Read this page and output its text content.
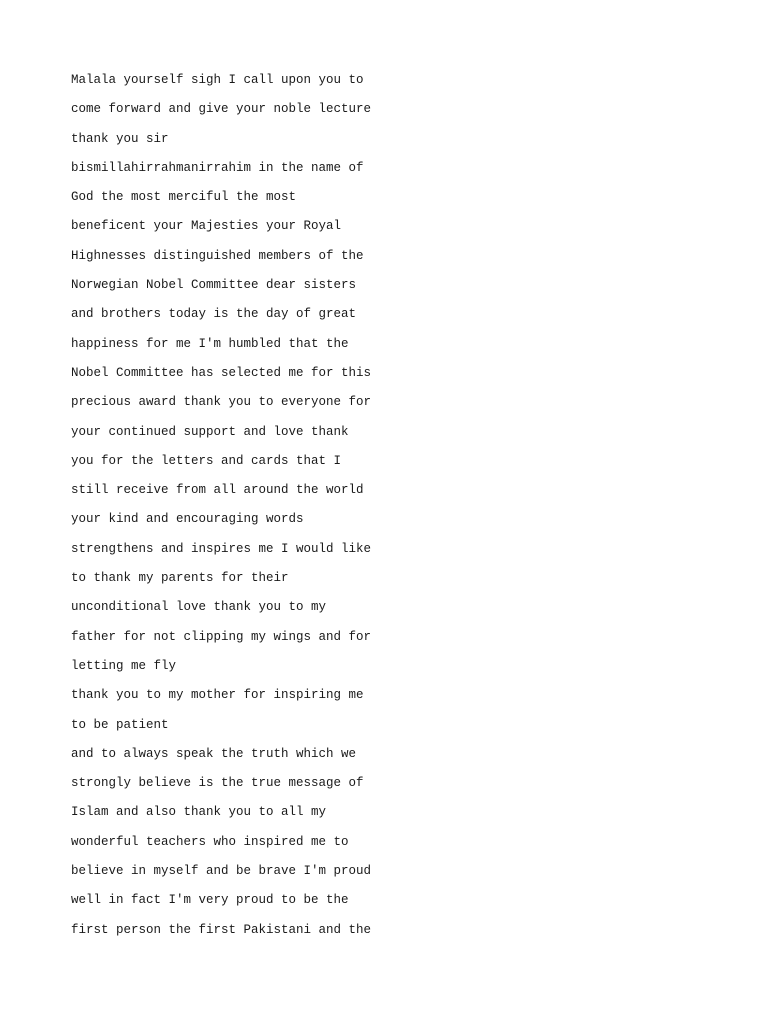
Malala yourself sigh I call upon you to
come forward and give your noble lecture
thank you sir
bismillahirrahmanirrahim in the name of
God the most merciful the most
beneficent your Majesties your Royal
Highnesses distinguished members of the
Norwegian Nobel Committee dear sisters
and brothers today is the day of great
happiness for me I'm humbled that the
Nobel Committee has selected me for this
precious award thank you to everyone for
your continued support and love thank
you for the letters and cards that I
still receive from all around the world
your kind and encouraging words
strengthens and inspires me I would like
to thank my parents for their
unconditional love thank you to my
father for not clipping my wings and for
letting me fly
thank you to my mother for inspiring me
to be patient
and to always speak the truth which we
strongly believe is the true message of
Islam and also thank you to all my
wonderful teachers who inspired me to
believe in myself and be brave I'm proud
well in fact I'm very proud to be the
first person the first Pakistani and the
